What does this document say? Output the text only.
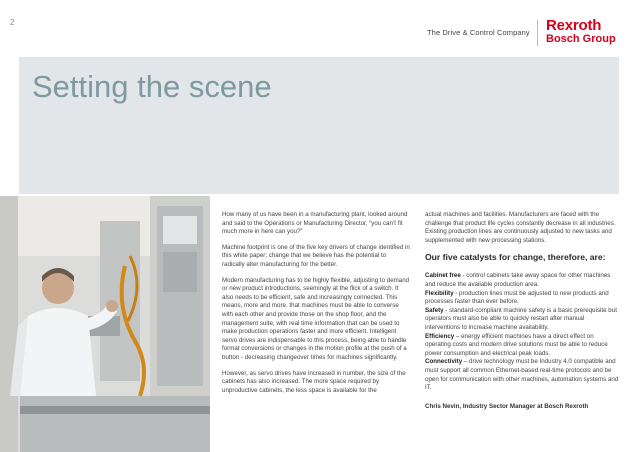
2
The Drive & Control Company Rexroth
Bosch Group
Setting the scene

How many of us have been in a manufacturing plant, looked around and said to the Operations or Manufacturing Director, “you can’t fit much more in here can you?”

Machine footprint is one of the five key drivers of change identified in this white paper; change that we believe has the potential to radically alter manufacturing for the better.

Modern manufacturing has to be highly flexible, adjusting to demand or new product introductions, seemingly at the flick of a switch. It also needs to be efficient, safe and increasingly connected. This means, more and more, that machines must be able to converse with each other and provide those on the shop floor, and the management suite, with real time information that can be used to make production operations faster and more efficient. Intelligent servo drives are indispensable to this process, being able to handle format conversions or changes in the motion profile at the push of a button - decreasing changeover times for machines significantly.

However, as servo drives have increased in number, the size of the cabinets has also increased. The more space required by unproductive cabinets, the less space is available for the

actual machines and facilities. Manufacturers are faced with the challenge that product life cycles constantly decrease in all industries. Existing production lines are continuously adjusted to new tasks and supplemented with new processing stations.

Our five catalysts for change, therefore, are:
Cabinet free - control cabinets take away space for other machines and reduce the available production area.
Flexibility - production lines must be adjusted to new products and processes faster than ever before.
Safety - standard-compliant machine safety is a basic prerequisite but operators must also be able to quickly restart after manual interventions to increase machine availability.
Efficiency – energy efficient machines have a direct effect on operating costs and modern drive solutions must be able to reduce power consumption and electrical peak loads.
Connectivity – drive technology must be Industry 4.0 compatible and must support all common Ethernet-based real-time protocols and be open for communication with other machines, automation systems and IT.
Chris Nevin, Industry Sector Manager at Bosch Rexroth
